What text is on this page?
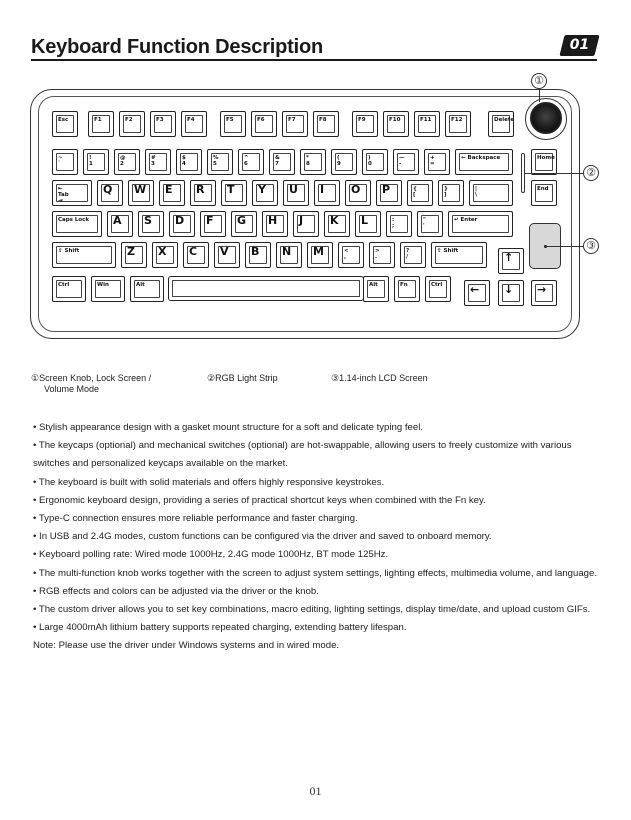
Keyboard Function Description	01
Esc	F1	F2	F3	F4	F5	F6	F7	F8	F9	F10	F11	F12	Delete
~
`
!
1
@
2
#
3
$
4
%
5
^
6
&
7
*
8
(
9
)
0
—
-
+
=
← Backspace	Home
⇤
Tab
⇥
Q W E R T Y U I O P	{
[
}
]
|
\
End
Caps Lock A S D F G H J K L	:
;
"
'
↵ Enter
⇧ Shift	Z X C V B N M	<
,
>
.
?
/
⇧ Shift	↑
Ctrl	Win	Alt	Alt	Fn	Ctrl	← ↓ →
①
②
③
①Screen Knob, Lock Screen /
Volume Mode
②RGB Light Strip	③1.14-inch LCD Screen

• Stylish appearance design with a gasket mount structure for a soft and delicate typing feel.

• The keycaps (optional) and mechanical switches (optional) are hot-swappable, allowing users to freely customize with various switches and personalized keycaps available on the market.

• The keyboard is built with solid materials and offers highly responsive keystrokes.

• Ergonomic keyboard design, providing a series of practical shortcut keys when combined with the Fn key.

• Type-C connection ensures more reliable performance and faster charging.

• In USB and 2.4G modes, custom functions can be configured via the driver and saved to onboard memory.

• Keyboard polling rate: Wired mode 1000Hz, 2.4G mode 1000Hz, BT mode 125Hz.

• The multi-function knob works together with the screen to adjust system settings, lighting effects, multimedia volume, and language.

• RGB effects and colors can be adjusted via the driver or the knob.

• The custom driver allows you to set key combinations, macro editing, lighting settings, display time/date, and upload custom GIFs.

• Large 4000mAh lithium battery supports repeated charging, extending battery lifespan.

Note: Please use the driver under Windows systems and in wired mode.

01
